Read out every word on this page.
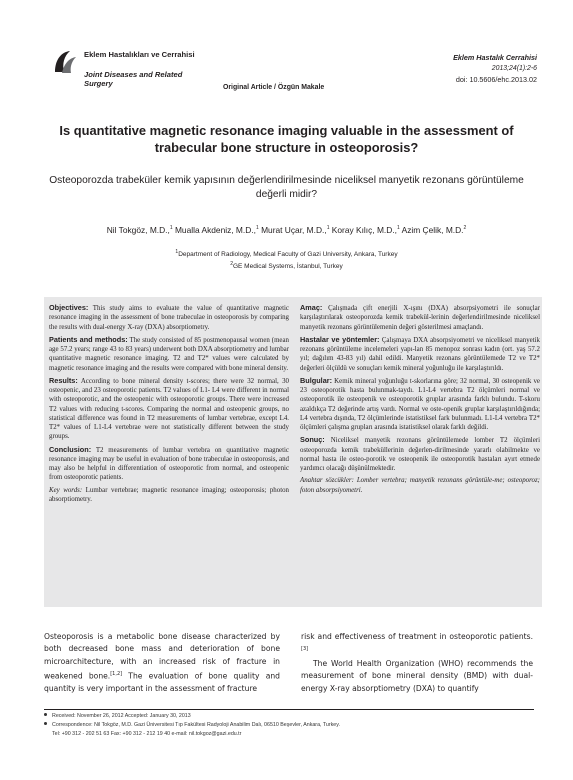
Eklem Hastalıkları ve Cerrahisi
Joint Diseases and Related Surgery	Original Article / Özgün Makale
Eklem Hastalık Cerrahisi
2013;24(1):2-6
doi: 10.5606/ehc.2013.02
Is quantitative magnetic resonance imaging valuable in the assessment of trabecular bone structure in osteoporosis?
Osteoporozda trabeküler kemik yapısının değerlendirilmesinde niceliksel manyetik rezonans görüntüleme değerli midir?
Nil Tokgöz, M.D.,$^1$ Mualla Akdeniz, M.D.,$^1$ Murat Uçar, M.D.,$^1$ Koray Kılıç, M.D.,$^1$ Azim Çelik, M.D.$^2$
$^1$Department of Radiology, Medical Faculty of Gazi University, Ankara, Turkey
$^2$GE Medical Systems, İstanbul, Turkey

Objectives: This study aims to evaluate the value of quantitative magnetic resonance imaging in the assessment of bone trabeculae in osteoporosis by comparing the results with dual-energy X-ray (DXA) absorptiometry.

Patients and methods: The study consisted of 85 postmenopausal women (mean age 57.2 years; range 43 to 83 years) underwent both DXA absorptiometry and lumbar quantitative magnetic resonance imaging. T2 and T2* values were calculated by magnetic resonance imaging and the results were compared with bone mineral density.

Results: According to bone mineral density t-scores; there were 32 normal, 30 osteopenic, and 23 osteoporotic patients. T2 values of L1- L4 were different in normal with osteoporotic, and the osteopenic with osteoporotic groups. There were increased T2 values with reducing t-scores. Comparing the normal and osteopenic groups, no statistical difference was found in T2 measurements of lumbar vertebrae, except L4. T2* values of L1-L4 vertebrae were not statistically different between the study groups.

Conclusion: T2 measurements of lumbar vertebra on quantitative magnetic resonance imaging may be useful in evaluation of bone trabeculae in osteoporosis, and may also be helpful in differentiation of osteoporotic from normal, and osteopenic from osteoporotic patients.

Key words: Lumbar vertebrae; magnetic resonance imaging; osteoporosis; photon absorptiometry.

Amaç: Çalışmada çift enerjili X-ışını (DXA) absorpsiyometri ile sonuçlar karşılaştırılarak osteoporozda kemik trabekül-lerinin değerlendirilmesinde niceliksel manyetik rezonans görüntülemenin değeri gösterilmesi amaçlandı.

Hastalar ve yöntemler: Çalışmaya DXA absorpsiyometri ve niceliksel manyetik rezonans görüntüleme incelemeleri yapı-lan 85 menopoz sonrası kadın (ort. yaş 57.2 yıl; dağılım 43-83 yıl) dahil edildi. Manyetik rezonans görüntülemede T2 ve T2* değerleri ölçüldü ve sonuçları kemik mineral yoğunluğu ile karşılaştırıldı.

Bulgular: Kemik mineral yoğunluğu t-skorlarına göre; 32 normal, 30 osteopenik ve 23 osteoporotik hasta bulunmak-taydı. L1-L4 vertebra T2 ölçümleri normal ve osteoporotik ile osteopenik ve osteoporotik gruplar arasında farklı bulundu. T-skoru azaldıkça T2 değerinde artış vardı. Normal ve oste-openik gruplar karşılaştırıldığında; L4 vertebra dışında, T2 ölçümlerinde istatistiksel fark bulunmadı. L1-L4 vertebra T2* ölçümleri çalışma grupları arasında istatistiksel olarak farklı değildi.

Sonuç: Niceliksel manyetik rezonans görüntülemede lomber T2 ölçümleri osteoporozda kemik trabeküllerinin değerlen-dirilmesinde yararlı olabilmekte ve normal hasta ile osteo-porotik ve osteopenik ile osteoporotik hastaları ayırt etmede yardımcı olacağı düşünülmektedir.

Anahtar sözcükler: Lomber vertebra; manyetik rezonans görüntüle-me; osteoporoz; foton absorpsiyometri.

Osteoporosis is a metabolic bone disease characterized by both decreased bone mass and deterioration of bone microarchitecture, with an increased risk of fracture in weakened bone.[1,2] The evaluation of bone quality and quantity is very important in the assessment of fracture

risk and effectiveness of treatment in osteoporotic patients.[3]

The World Health Organization (WHO) recommends the measurement of bone mineral density (BMD) with dual-energy X-ray absorptiometry (DXA) to quantify

Received: November 26, 2012 Accepted: January 30, 2013
Correspondence: Nil Tokgöz, M.D. Gazi Üniversitesi Tıp Fakültesi Radyoloji Anabilim Dalı, 06510 Beşevler, Ankara, Turkey.
Tel: +90 312 - 202 51 63 Fax: +90 312 - 212 19 40 e-mail: nil.tokgoz@gazi.edu.tr
